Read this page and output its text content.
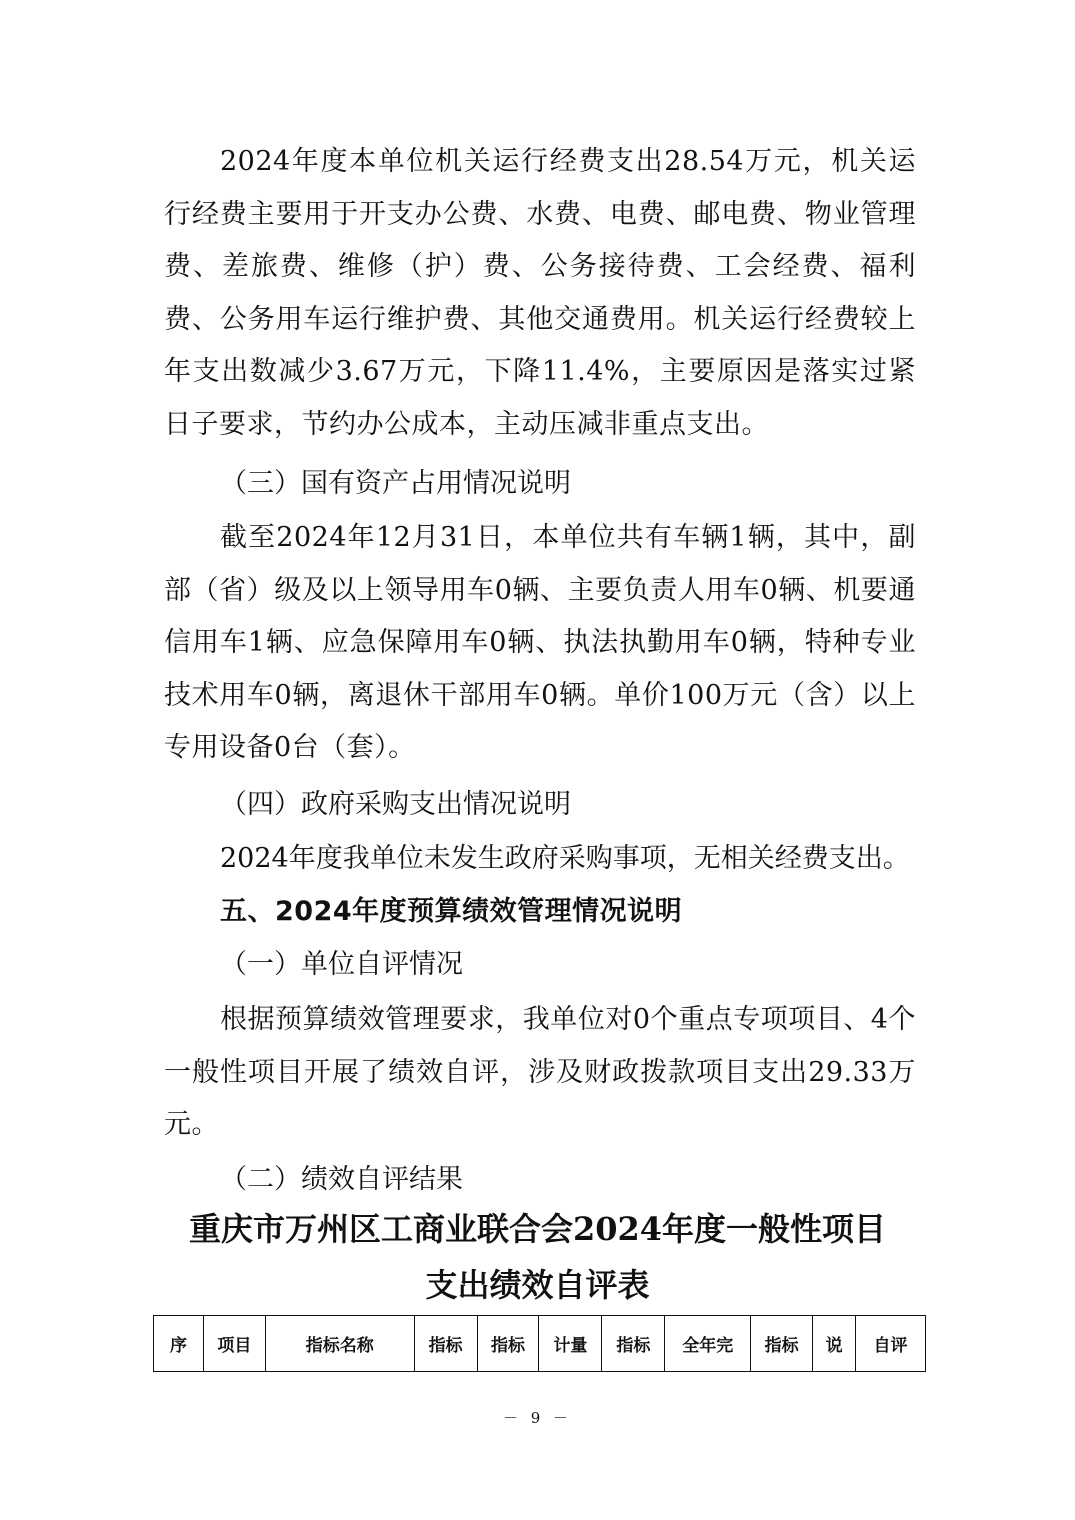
2024年度本单位机关运行经费支出28.54万元，机关运行经费主要用于开支办公费、水费、电费、邮电费、物业管理费、差旅费、维修（护）费、公务接待费、工会经费、福利费、公务用车运行维护费、其他交通费用。机关运行经费较上年支出数减少3.67万元，下降11.4%，主要原因是落实过紧日子要求，节约办公成本，主动压减非重点支出。

（三）国有资产占用情况说明

截至2024年12月31日，本单位共有车辆1辆，其中，副部（省）级及以上领导用车0辆、主要负责人用车0辆、机要通信用车1辆、应急保障用车0辆、执法执勤用车0辆，特种专业技术用车0辆，离退休干部用车0辆。单价100万元（含）以上专用设备0台（套）。

（四）政府采购支出情况说明

2024年度我单位未发生政府采购事项，无相关经费支出。

五、2024年度预算绩效管理情况说明

（一）单位自评情况

根据预算绩效管理要求，我单位对0个重点专项项目、4个一般性项目开展了绩效自评，涉及财政拨款项目支出29.33万元。

（二）绩效自评结果

重庆市万州区工商业联合会2024年度一般性项目

支出绩效自评表

序	项目	指标名称	指标	指标	计量	指标	全年完	指标	说	自评
－ 9 －
